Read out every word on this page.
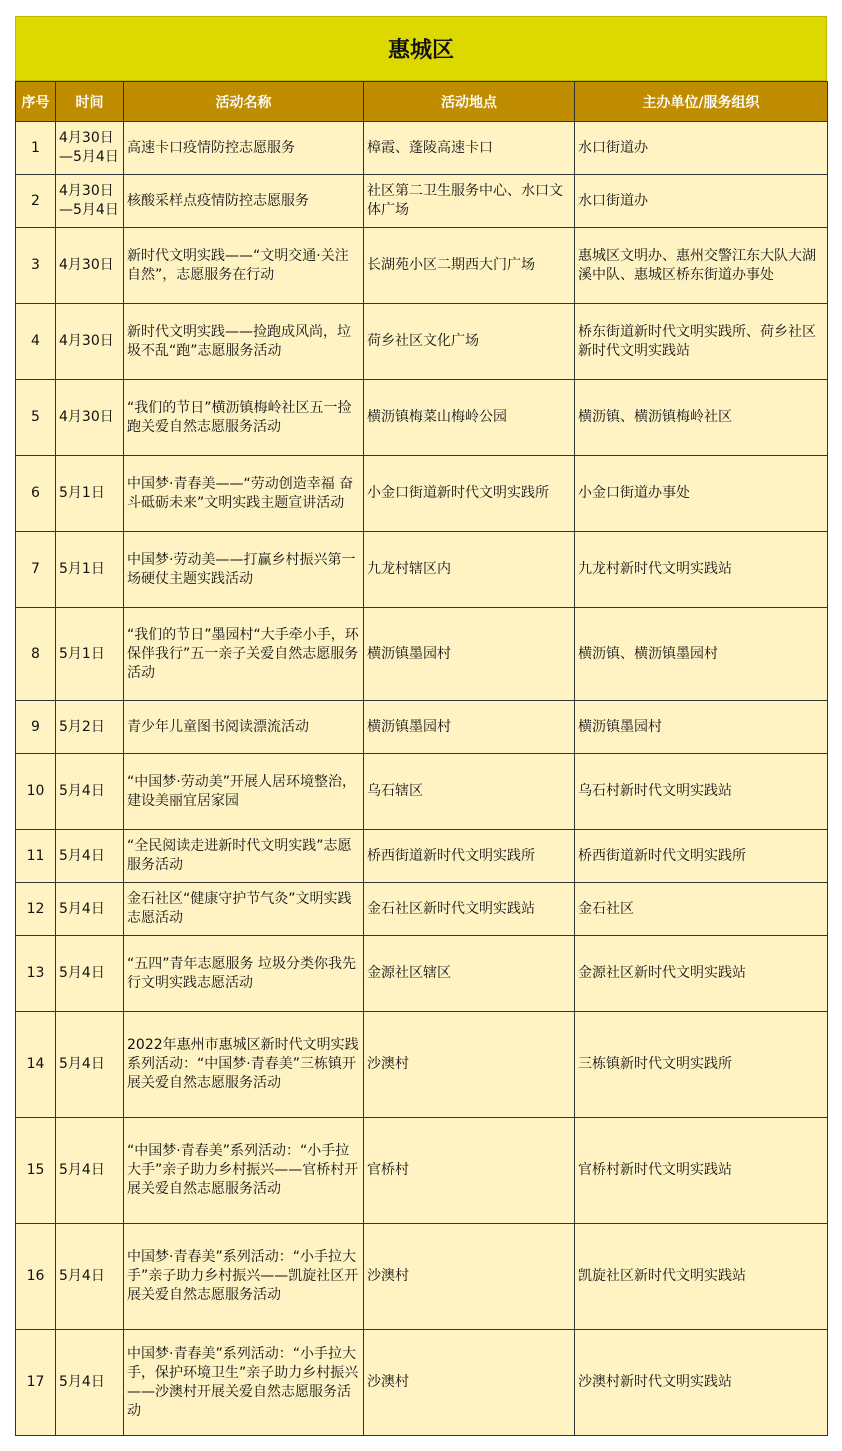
惠城区
序号	时间	活动名称	活动地点	主办单位/服务组织
1	4月30日—5月4日	高速卡口疫情防控志愿服务	樟霞、蓬陵高速卡口	水口街道办
2	4月30日—5月4日	核酸采样点疫情防控志愿服务	社区第二卫生服务中心、水口文体广场	水口街道办
3	4月30日	新时代文明实践——“文明交通·关注自然”，志愿服务在行动	长湖苑小区二期西大门广场	惠城区文明办、惠州交警江东大队大湖溪中队、惠城区桥东街道办事处
4	4月30日	新时代文明实践——捡跑成风尚，垃圾不乱“跑”志愿服务活动	荷乡社区文化广场	桥东街道新时代文明实践所、荷乡社区新时代文明实践站
5	4月30日	“我们的节日”横沥镇梅岭社区五一捡跑关爱自然志愿服务活动	横沥镇梅菜山梅岭公园	横沥镇、横沥镇梅岭社区
6	5月1日	中国梦·青春美——“劳动创造幸福 奋斗砥砺未来”文明实践主题宣讲活动	小金口街道新时代文明实践所	小金口街道办事处
7	5月1日	中国梦·劳动美——打赢乡村振兴第一场硬仗主题实践活动	九龙村辖区内	九龙村新时代文明实践站
8	5月1日	“我们的节日”墨园村“大手牵小手，环保伴我行”五一亲子关爱自然志愿服务活动	横沥镇墨园村	横沥镇、横沥镇墨园村
9	5月2日	青少年儿童图书阅读漂流活动	横沥镇墨园村	横沥镇墨园村
10	5月4日	“中国梦·劳动美”开展人居环境整治，建设美丽宜居家园	乌石辖区	乌石村新时代文明实践站
11	5月4日	“全民阅读走进新时代文明实践”志愿服务活动	桥西街道新时代文明实践所	桥西街道新时代文明实践所
12	5月4日	金石社区“健康守护节气灸”文明实践志愿活动	金石社区新时代文明实践站	金石社区
13	5月4日	“五四”青年志愿服务 垃圾分类你我先行文明实践志愿活动	金源社区辖区	金源社区新时代文明实践站
14	5月4日	2022年惠州市惠城区新时代文明实践系列活动：“中国梦·青春美”三栋镇开展关爱自然志愿服务活动	沙澳村	三栋镇新时代文明实践所
15	5月4日	“中国梦·青春美”系列活动：“小手拉大手”亲子助力乡村振兴——官桥村开展关爱自然志愿服务活动	官桥村	官桥村新时代文明实践站
16	5月4日	中国梦·青春美”系列活动：“小手拉大手”亲子助力乡村振兴——凯旋社区开展关爱自然志愿服务活动	沙澳村	凯旋社区新时代文明实践站
17	5月4日	中国梦·青春美”系列活动：“小手拉大手，保护环境卫生”亲子助力乡村振兴——沙澳村开展关爱自然志愿服务活动	沙澳村	沙澳村新时代文明实践站
